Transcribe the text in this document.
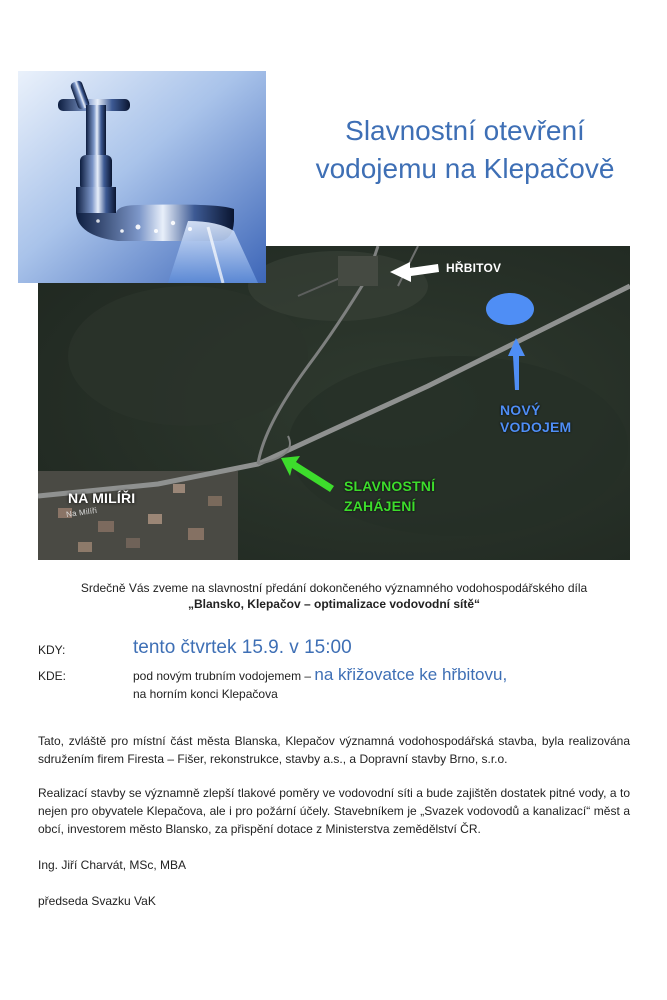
Slavnostní otevření
vodojemu na Klepačově
HŘBITOV
NOVÝ
VODOJEM
SLAVNOSTNÍ
ZAHÁJENÍ
NA MILÍŘI
Na Milíři
Srdečně Vás zveme na slavnostní předání dokončeného významného vodohospodářského díla
„Blansko, Klepačov – optimalizace vodovodní sítě“
KDY:	tento čtvrtek 15.9. v 15:00
KDE:	pod novým trubním vodojemem – na křižovatce ke hřbitovu,
na horním konci Klepačova
Tato, zvláště pro místní část města Blanska, Klepačov významná vodohospodářská stavba, byla realizována sdružením firem Firesta – Fišer, rekonstrukce, stavby a.s., a Dopravní stavby Brno, s.r.o.
Realizací stavby se významně zlepší tlakové poměry ve vodovodní síti a bude zajištěn dostatek pitné vody, a to nejen pro obyvatele Klepačova, ale i pro požární účely. Stavebníkem je „Svazek vodovodů a kanalizací“ měst a obcí, investorem město Blansko, za přispění dotace z Ministerstva zemědělství ČR.
Ing. Jiří Charvát, MSc, MBA
předseda Svazku VaK
